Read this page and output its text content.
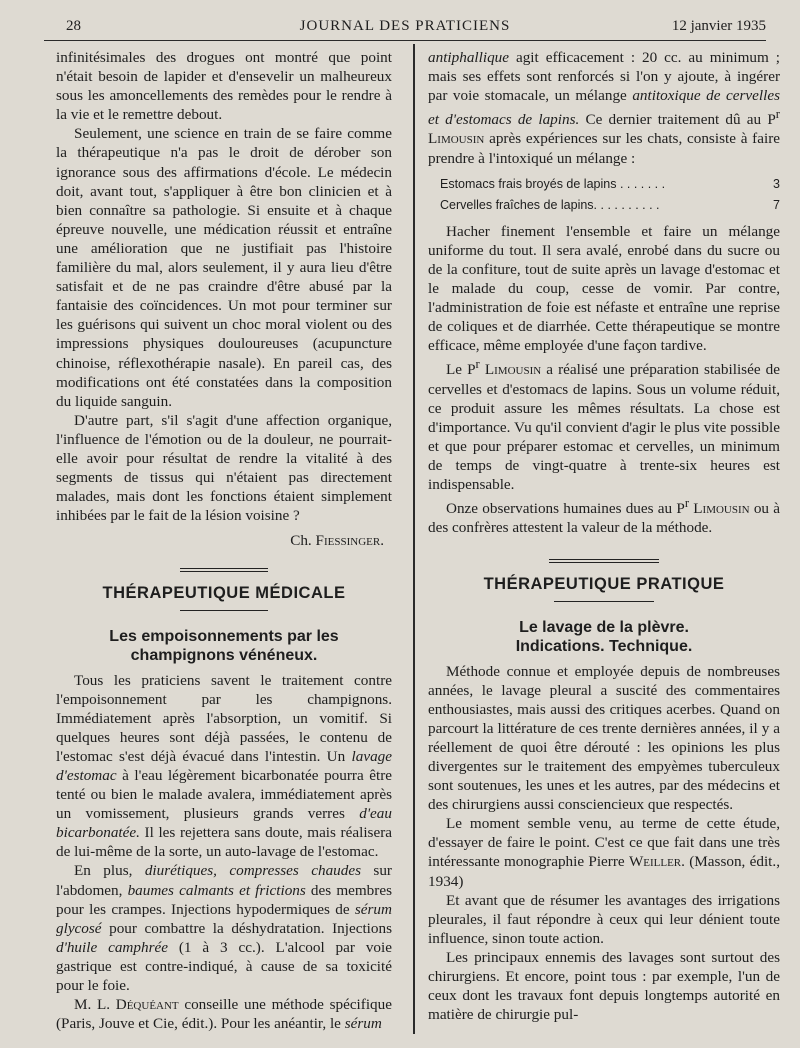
28	JOURNAL DES PRATICIENS	12 janvier 1935

infinitésimales des drogues ont montré que point n'était besoin de lapider et d'ensevelir un malheureux sous les amoncellements des remèdes pour le rendre à la vie et le remettre debout.

Seulement, une science en train de se faire comme la thérapeutique n'a pas le droit de dérober son ignorance sous des affirmations d'école. Le médecin doit, avant tout, s'appliquer à être bon clinicien et à bien connaître sa pathologie. Si ensuite et à chaque épreuve nouvelle, une médication réussit et entraîne une amélioration que ne justifiait pas l'histoire familière du mal, alors seulement, il y aura lieu d'être satisfait et de ne pas craindre d'être abusé par la fantaisie des coïncidences. Un mot pour terminer sur les guérisons qui suivent un choc moral violent ou des impressions physiques douloureuses (acupuncture chinoise, réflexothérapie nasale). En pareil cas, des modifications ont été constatées dans la composition du liquide sanguin.

D'autre part, s'il s'agit d'une affection organique, l'influence de l'émotion ou de la douleur, ne pourrait-elle avoir pour résultat de rendre la vitalité à des segments de tissus qui n'étaient pas directement malades, mais dont les fonctions étaient simplement inhibées par le fait de la lésion voisine ?

Ch. Fiessinger.
THÉRAPEUTIQUE MÉDICALE
Les empoisonnements par les champignons vénéneux.

Tous les praticiens savent le traitement contre l'empoisonnement par les champignons. Immédiatement après l'absorption, un vomitif. Si quelques heures sont déjà passées, le contenu de l'estomac s'est déjà évacué dans l'intestin. Un lavage d'estomac à l'eau légèrement bicarbonatée pourra être tenté ou bien le malade avalera, immédiatement après un vomissement, plusieurs grands verres d'eau bicarbonatée. Il les rejettera sans doute, mais réalisera de lui-même de la sorte, un auto-lavage de l'estomac.

En plus, diurétiques, compresses chaudes sur l'abdomen, baumes calmants et frictions des membres pour les crampes. Injections hypodermiques de sérum glycosé pour combattre la déshydratation. Injections d'huile camphrée (1 à 3 cc.). L'alcool par voie gastrique est contre-indiqué, à cause de sa toxicité pour le foie.

M. L. Déquéant conseille une méthode spécifique (Paris, Jouve et Cie, édit.). Pour les anéantir, le sérum

antiphallique agit efficacement : 20 cc. au minimum ; mais ses effets sont renforcés si l'on y ajoute, à ingérer par voie stomacale, un mélange antitoxique de cervelles et d'estomacs de lapins. Ce dernier traitement dû au $P^r$ Limousin après expériences sur les chats, consiste à faire prendre à l'intoxiqué un mélange :

Estomacs frais broyés de lapins . . . . . . .	3
Cervelles fraîches de lapins. . . . . . . . . .	7

Hacher finement l'ensemble et faire un mélange uniforme du tout. Il sera avalé, enrobé dans du sucre ou de la confiture, tout de suite après un lavage d'estomac et le malade du coup, cesse de vomir. Par contre, l'administration de foie est néfaste et entraîne une reprise de coliques et de diarrhée. Cette thérapeutique se montre efficace, même employée d'une façon tardive.

Le $P^r$ Limousin a réalisé une préparation stabilisée de cervelles et d'estomacs de lapins. Sous un volume réduit, ce produit assure les mêmes résultats. La chose est d'importance. Vu qu'il convient d'agir le plus vite possible et que pour préparer estomac et cervelles, un minimum de temps de vingt-quatre à trente-six heures est indispensable.

Onze observations humaines dues au $P^r$ Limousin ou à des confrères attestent la valeur de la méthode.

THÉRAPEUTIQUE PRATIQUE
Le lavage de la plèvre.
Indications. Technique.

Méthode connue et employée depuis de nombreuses années, le lavage pleural a suscité des commentaires enthousiastes, mais aussi des critiques acerbes. Quand on parcourt la littérature de ces trente dernières années, il y a réellement de quoi être dérouté : les opinions les plus divergentes sur le traitement des empyèmes tuberculeux sont soutenues, les unes et les autres, par des médecins et des chirurgiens aussi consciencieux que respectés.

Le moment semble venu, au terme de cette étude, d'essayer de faire le point. C'est ce que fait dans une très intéressante monographie Pierre Weiller. (Masson, édit., 1934)

Et avant que de résumer les avantages des irrigations pleurales, il faut répondre à ceux qui leur dénient toute influence, sinon toute action.

Les principaux ennemis des lavages sont surtout des chirurgiens. Et encore, point tous : par exemple, l'un de ceux dont les travaux font depuis longtemps autorité en matière de chirurgie pul-
